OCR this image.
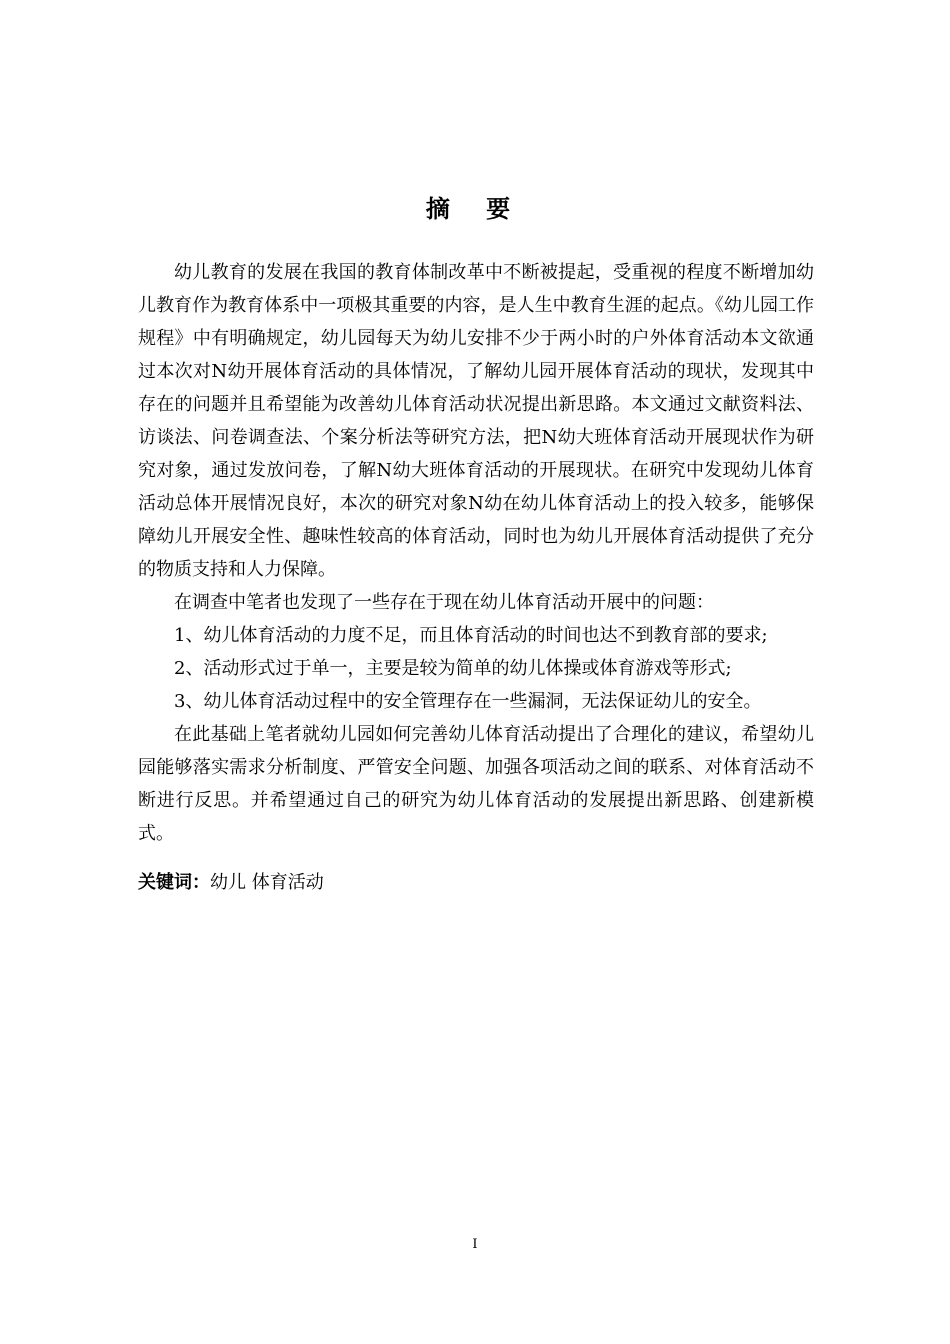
摘 要

幼儿教育的发展在我国的教育体制改革中不断被提起，受重视的程度不断增加幼儿教育作为教育体系中一项极其重要的内容，是人生中教育生涯的起点。《幼儿园工作规程》中有明确规定，幼儿园每天为幼儿安排不少于两小时的户外体育活动本文欲通过本次对N幼开展体育活动的具体情况，了解幼儿园开展体育活动的现状，发现其中存在的问题并且希望能为改善幼儿体育活动状况提出新思路。本文通过文献资料法、访谈法、问卷调查法、个案分析法等研究方法，把N幼大班体育活动开展现状作为研究对象，通过发放问卷，了解N幼大班体育活动的开展现状。在研究中发现幼儿体育活动总体开展情况良好，本次的研究对象N幼在幼儿体育活动上的投入较多，能够保障幼儿开展安全性、趣味性较高的体育活动，同时也为幼儿开展体育活动提供了充分的物质支持和人力保障。

在调查中笔者也发现了一些存在于现在幼儿体育活动开展中的问题：

1、幼儿体育活动的力度不足，而且体育活动的时间也达不到教育部的要求;

2、活动形式过于单一，主要是较为简单的幼儿体操或体育游戏等形式;

3、幼儿体育活动过程中的安全管理存在一些漏洞，无法保证幼儿的安全。

在此基础上笔者就幼儿园如何完善幼儿体育活动提出了合理化的建议，希望幼儿园能够落实需求分析制度、严管安全问题、加强各项活动之间的联系、对体育活动不断进行反思。并希望通过自己的研究为幼儿体育活动的发展提出新思路、创建新模式。

关键词：幼儿 体育活动
I
